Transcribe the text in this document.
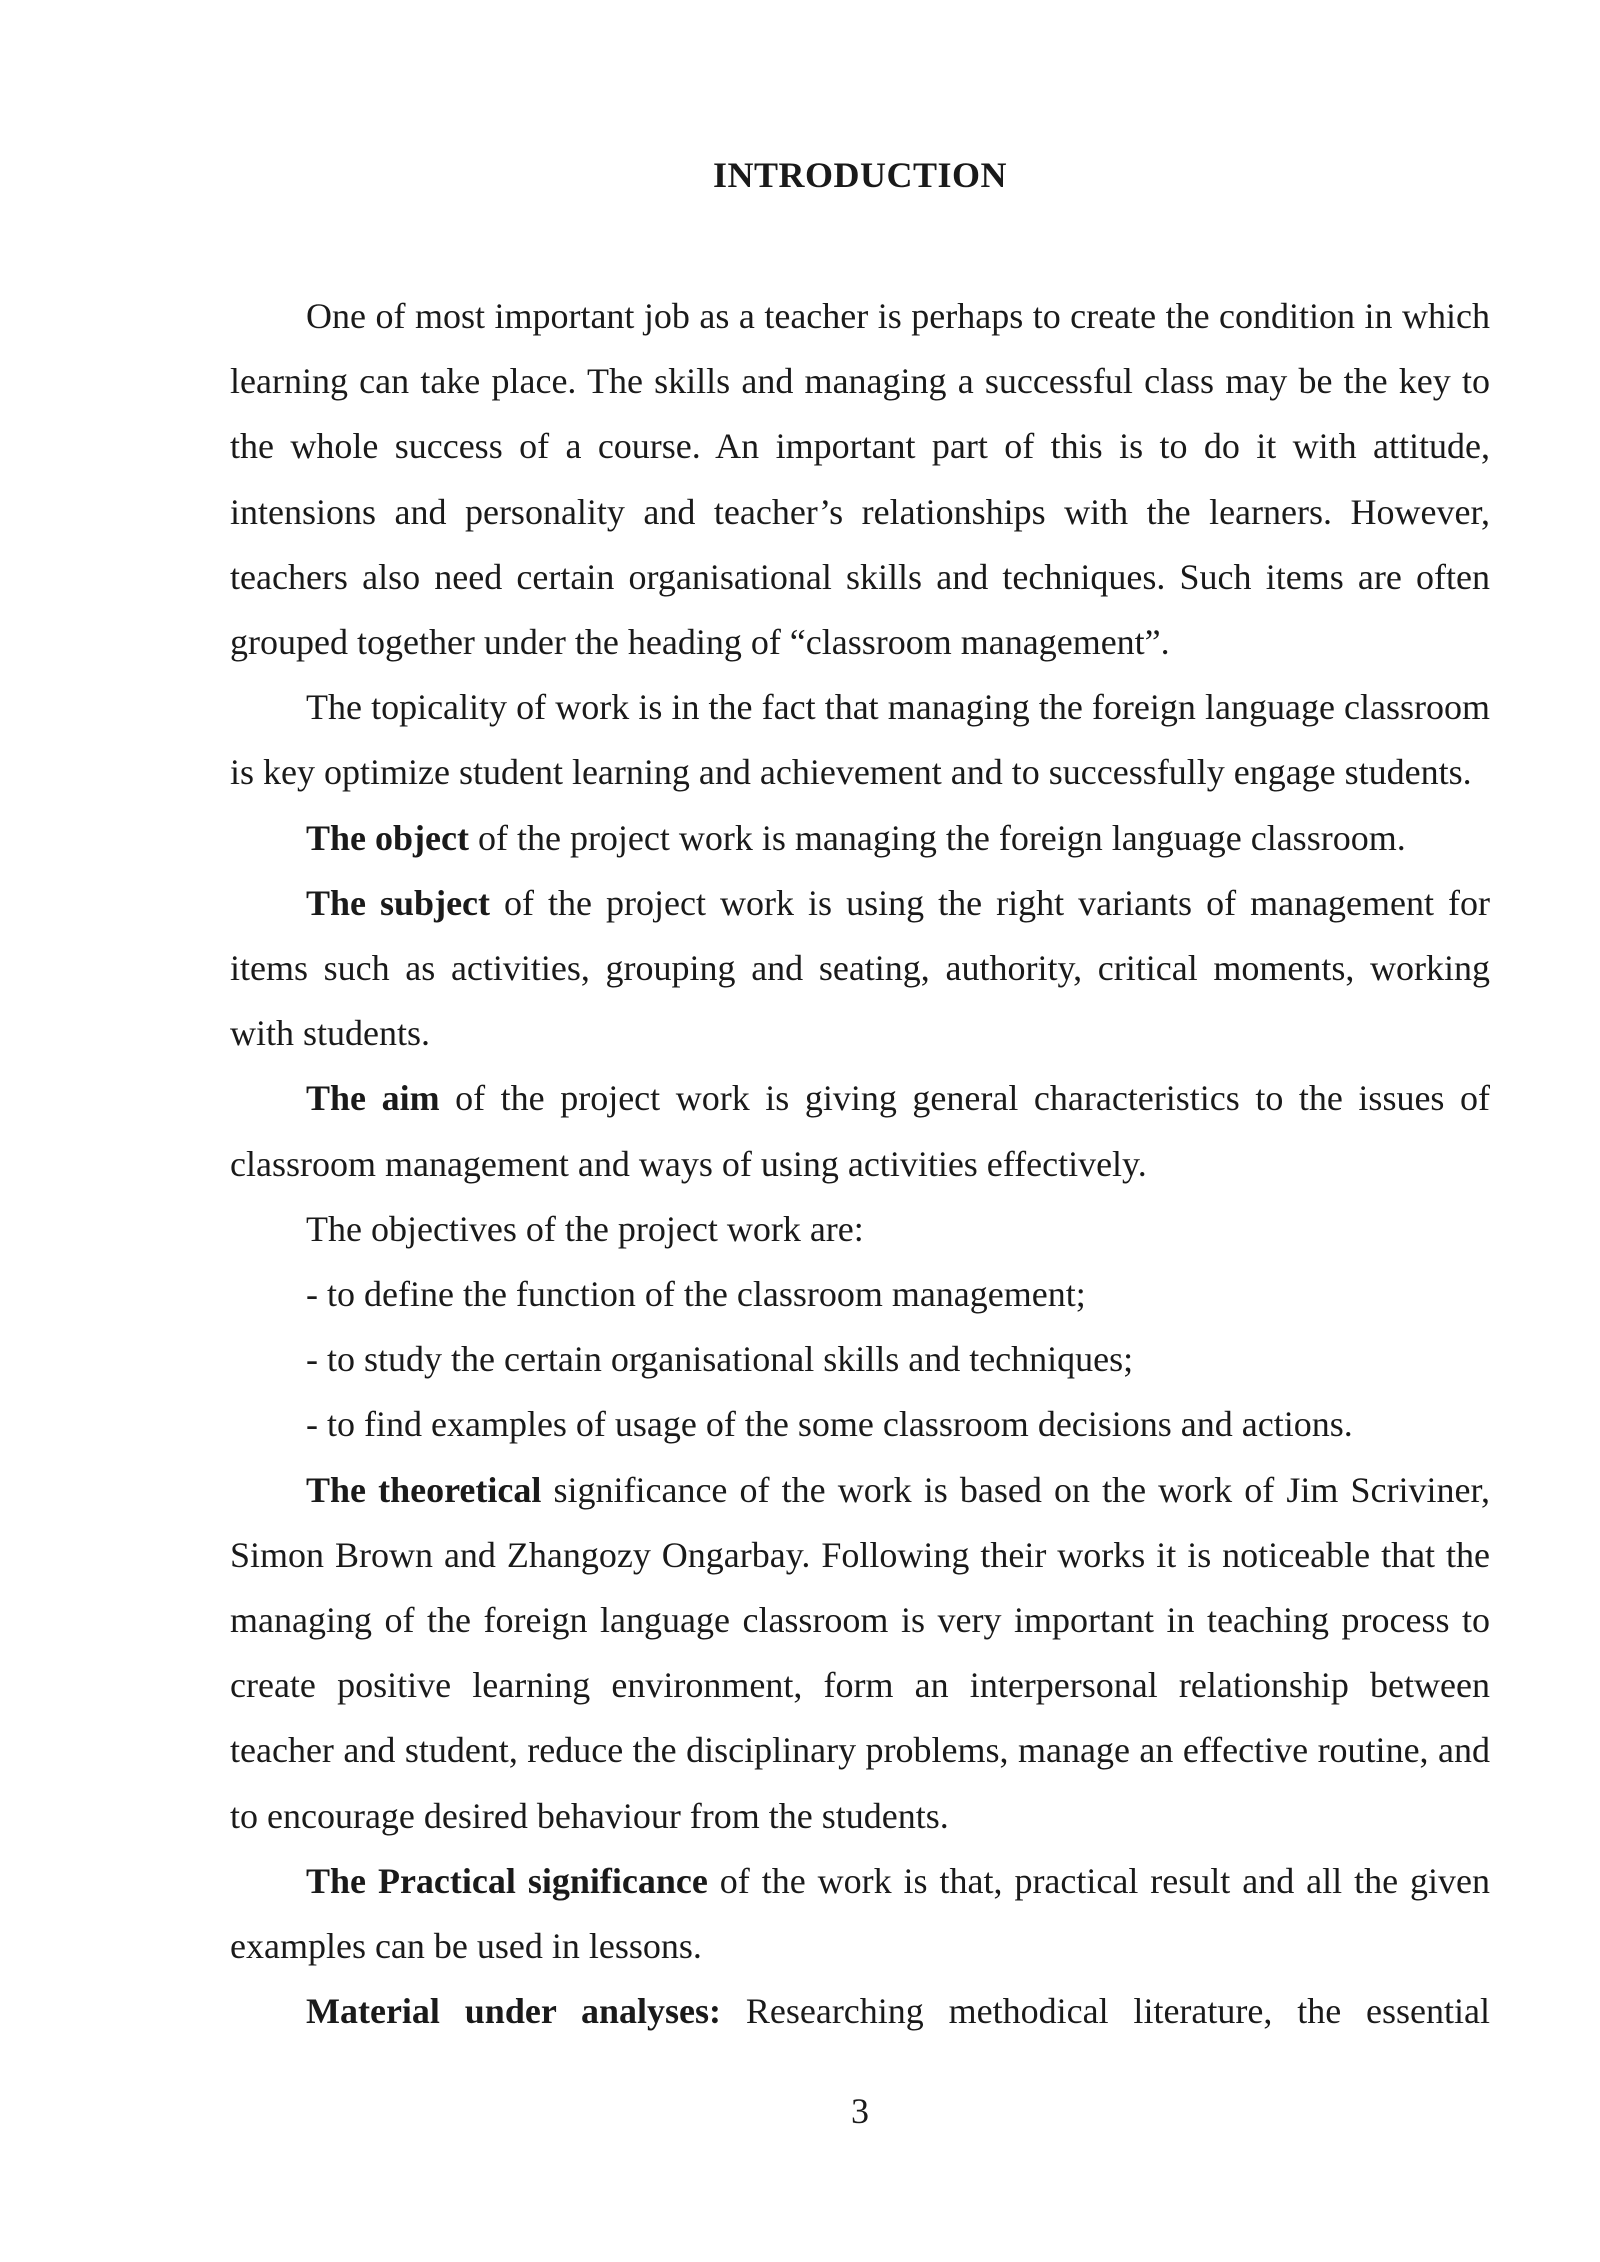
INTRODUCTION

One of most important job as a teacher is perhaps to create the condition in which learning can take place. The skills and managing a successful class may be the key to the whole success of a course. An important part of this is to do it with attitude, intensions and personality and teacher’s relationships with the learners. However, teachers also need certain organisational skills and techniques. Such items are often grouped together under the heading of “classroom management”.

The topicality of work is in the fact that managing the foreign language classroom is key optimize student learning and achievement and to successfully engage students.

The object of the project work is managing the foreign language classroom.

The subject of the project work is using the right variants of management for items such as activities, grouping and seating, authority, critical moments, working with students.

The aim of the project work is giving general characteristics to the issues of classroom management and ways of using activities effectively.

The objectives of the project work are:

- to define the function of the classroom management;

- to study the certain organisational skills and techniques;

- to find examples of usage of the some classroom decisions and actions.

The theoretical significance of the work is based on the work of Jim Scriviner, Simon Brown and Zhangozy Ongarbay. Following their works it is noticeable that the managing of the foreign language classroom is very important in teaching process to create positive learning environment, form an interpersonal relationship between teacher and student, reduce the disciplinary problems, manage an effective routine, and to encourage desired behaviour from the students.

The Practical significance of the work is that, practical result and all the given examples can be used in lessons.

Material under analyses: Researching methodical literature, the essential

3
